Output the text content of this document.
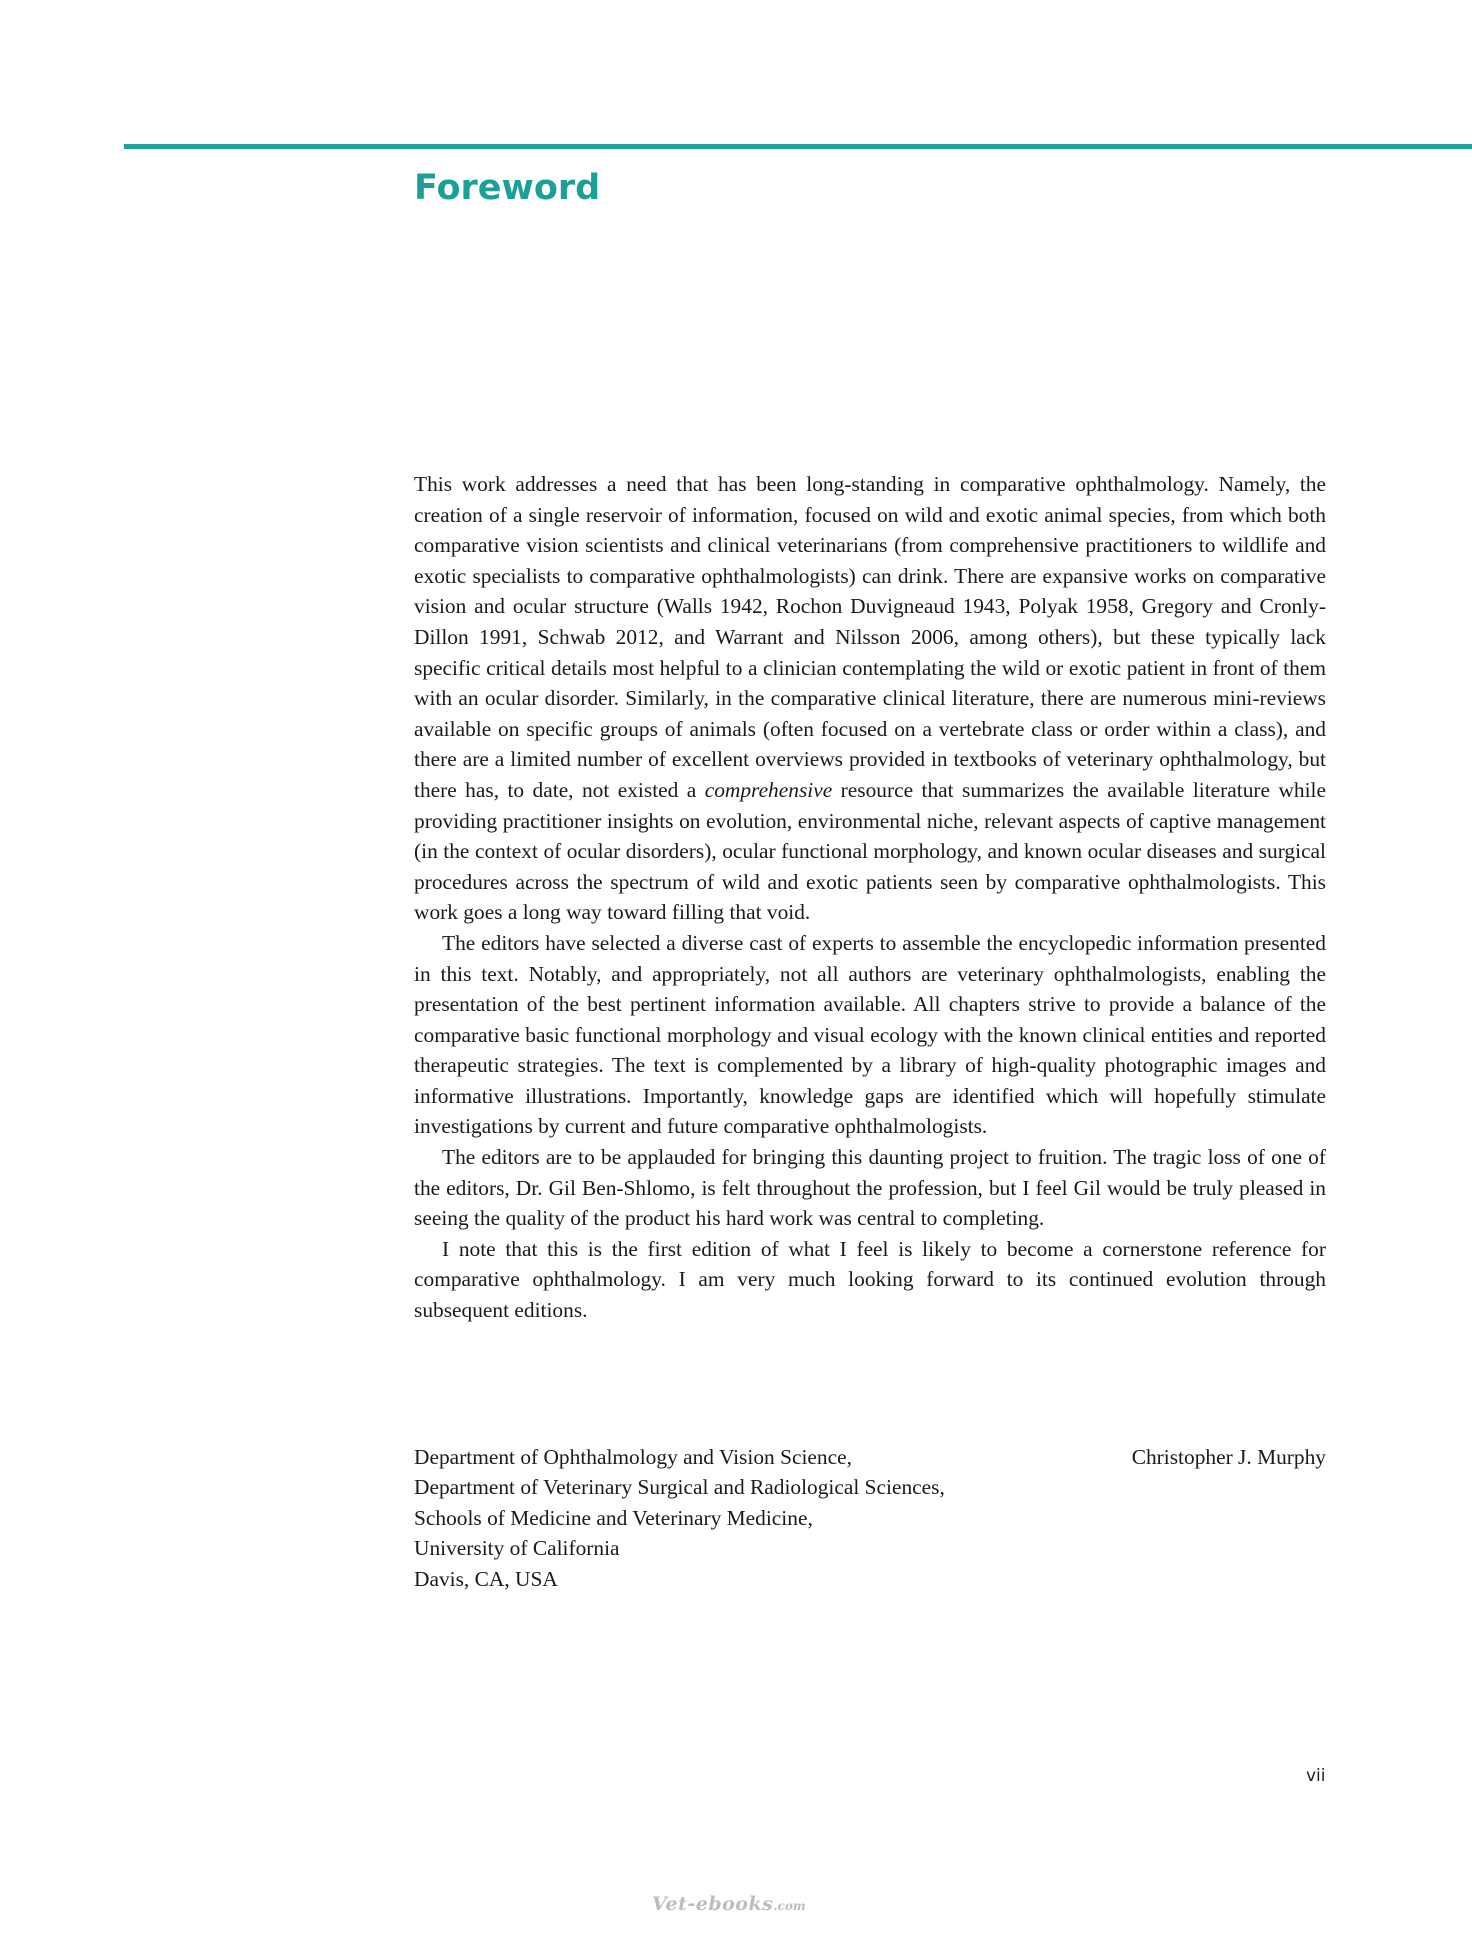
Foreword

This work addresses a need that has been long-standing in comparative ophthalmology. Namely, the creation of a single reservoir of information, focused on wild and exotic animal species, from which both comparative vision scientists and clinical veterinarians (from comprehensive practitioners to wildlife and exotic specialists to comparative ophthalmologists) can drink. There are expansive works on comparative vision and ocular structure (Walls 1942, Rochon Duvigneaud 1943, Polyak 1958, Gregory and Cronly-Dillon 1991, Schwab 2012, and Warrant and Nilsson 2006, among others), but these typically lack specific critical details most helpful to a clinician contemplating the wild or exotic patient in front of them with an ocular disorder. Similarly, in the comparative clinical literature, there are numerous mini-reviews available on specific groups of animals (often focused on a vertebrate class or order within a class), and there are a limited number of excellent overviews provided in textbooks of veterinary ophthalmology, but there has, to date, not existed a comprehensive resource that summarizes the available literature while providing practitioner insights on evolution, environmental niche, relevant aspects of captive management (in the context of ocular disorders), ocular functional morphology, and known ocular diseases and surgical procedures across the spectrum of wild and exotic patients seen by comparative ophthalmologists. This work goes a long way toward filling that void.

The editors have selected a diverse cast of experts to assemble the encyclopedic information presented in this text. Notably, and appropriately, not all authors are veterinary ophthalmologists, enabling the presentation of the best pertinent information available. All chapters strive to provide a balance of the comparative basic functional morphology and visual ecology with the known clinical entities and reported therapeutic strategies. The text is complemented by a library of high-quality photographic images and informative illustrations. Importantly, knowledge gaps are identified which will hopefully stimulate investigations by current and future comparative ophthalmologists.

The editors are to be applauded for bringing this daunting project to fruition. The tragic loss of one of the editors, Dr. Gil Ben-Shlomo, is felt throughout the profession, but I feel Gil would be truly pleased in seeing the quality of the product his hard work was central to completing.

I note that this is the first edition of what I feel is likely to become a cornerstone reference for comparative ophthalmology. I am very much looking forward to its continued evolution through subsequent editions.

Department of Ophthalmology and Vision Science,
Department of Veterinary Surgical and Radiological Sciences,
Schools of Medicine and Veterinary Medicine,
University of California
Davis, CA, USA
Christopher J. Murphy
vii
Vet-ebooks.com
